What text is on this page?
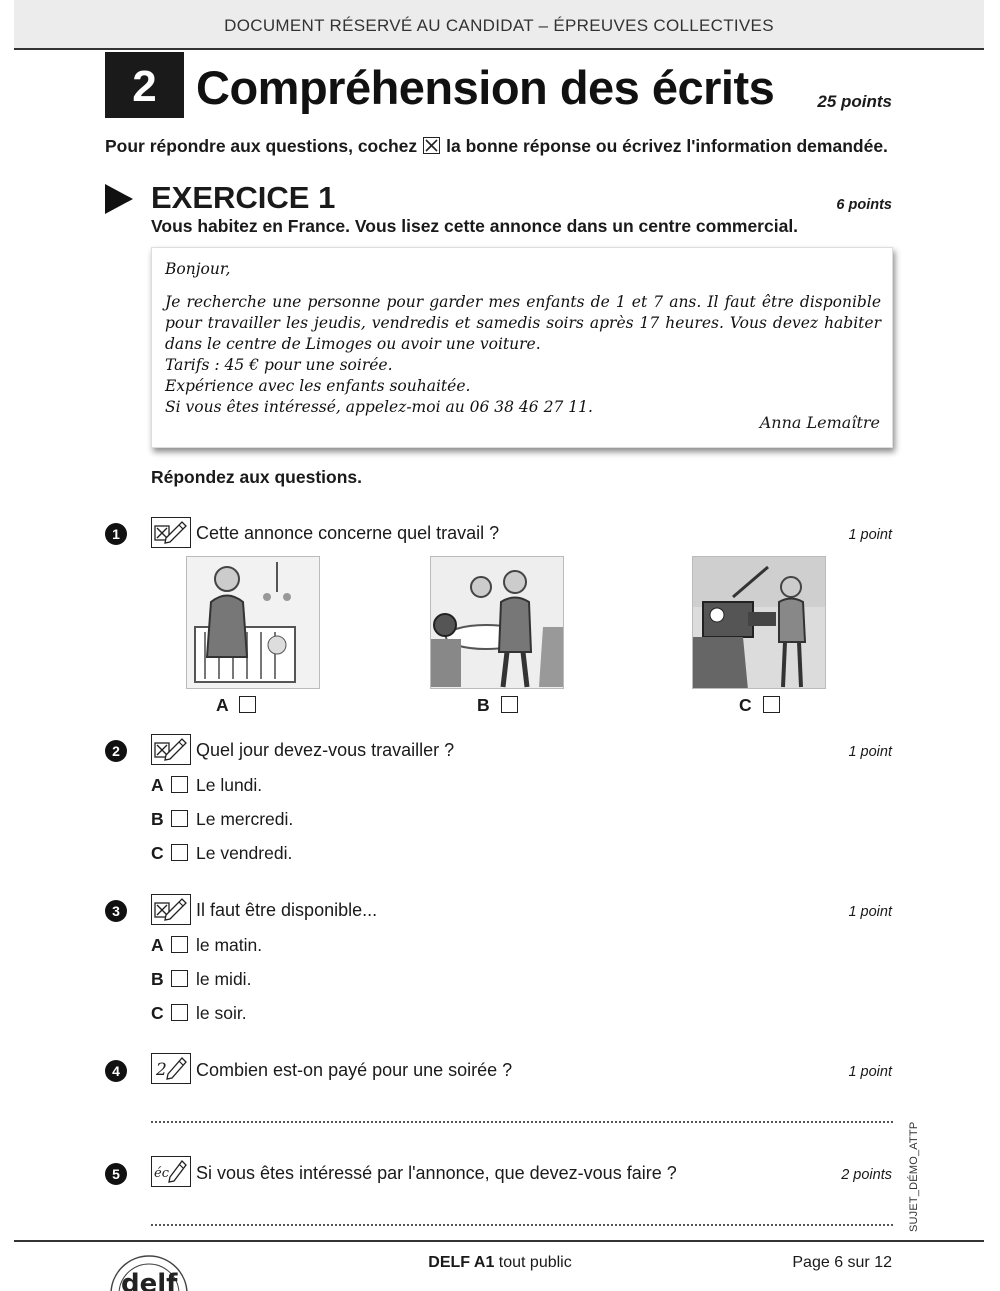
DOCUMENT RÉSERVÉ AU CANDIDAT – ÉPREUVES COLLECTIVES
2 Compréhension des écrits	25 points
Pour répondre aux questions, cochez la bonne réponse ou écrivez l'information demandée.
EXERCICE 1	6 points
Vous habitez en France. Vous lisez cette annonce dans un centre commercial.
Bonjour,
Je recherche une personne pour garder mes enfants de 1 et 7 ans. Il faut être disponible pour travailler les jeudis, vendredis et samedis soirs après 17 heures. Vous devez habiter dans le centre de Limoges ou avoir une voiture.
Tarifs : 45 € pour une soirée.
Expérience avec les enfants souhaitée.
Si vous êtes intéressé, appelez-moi au 06 38 46 27 11.
Anna Lemaître
Répondez aux questions.
1	Cette annonce concerne quel travail ?	1 point
A	B	C
2	Quel jour devez-vous travailler ?	1 point
A Le lundi.
B Le mercredi.
C Le vendredi.
3	Il faut être disponible...	1 point
A le matin.
B le midi.
C le soir.
4	2 Combien est-on payé pour une soirée ?	1 point
5	éc Si vous êtes intéressé par l'annonce, que devez-vous faire ?	2 points SUJET_DÉMO_ATTP
delf
DELF A1 tout public	Page 6 sur 12
